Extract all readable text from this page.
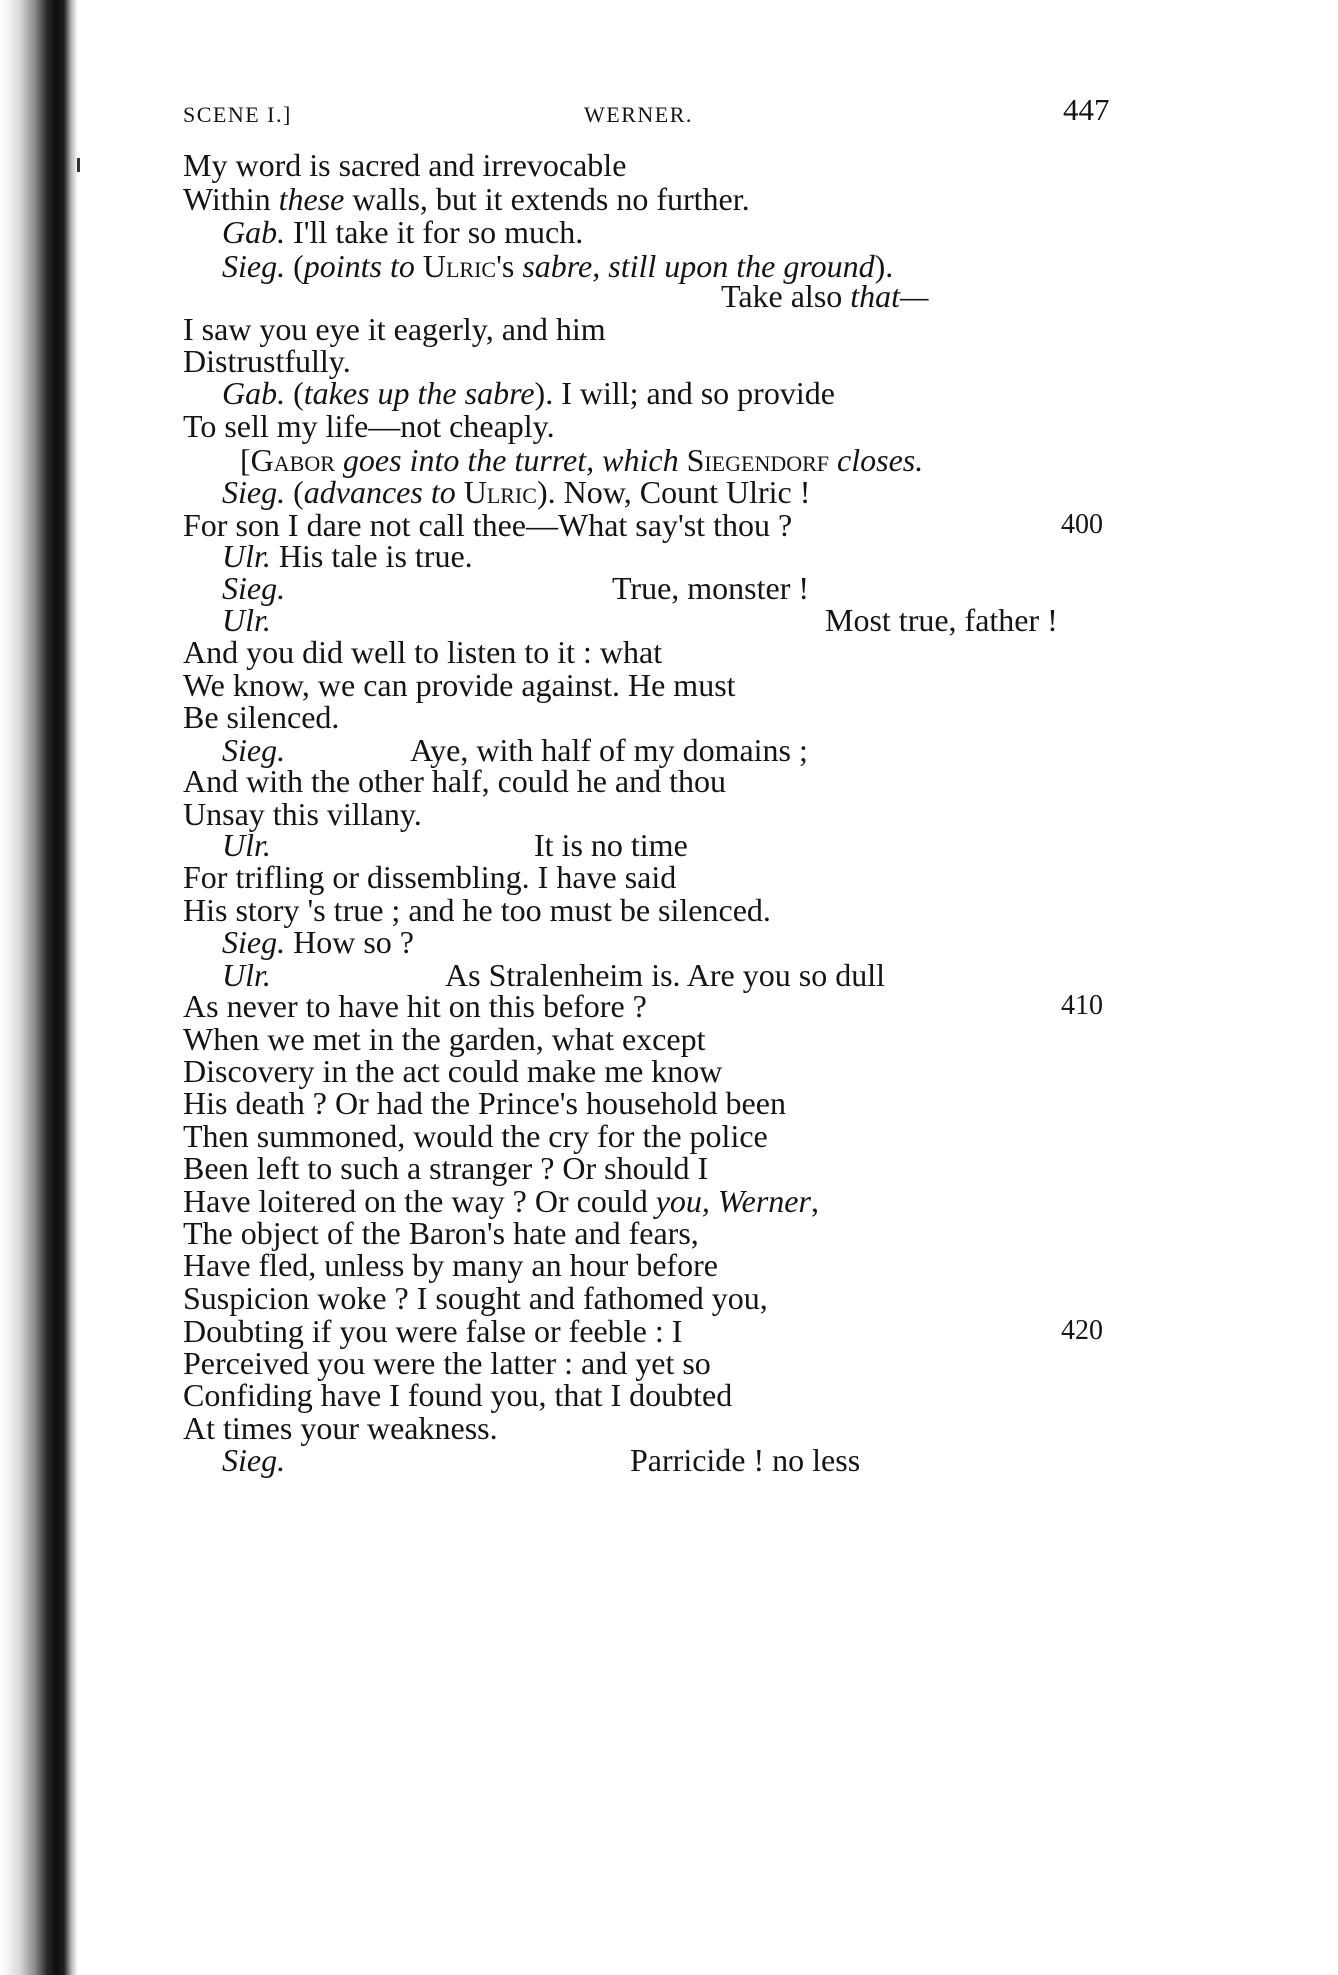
SCENE I.]	WERNER.	447
My word is sacred and irrevocable
Within these walls, but it extends no further.
Gab. I'll take it for so much.
Sieg. (points to Ulric's sabre, still upon the ground).
Take also that—
I saw you eye it eagerly, and him
Distrustfully.
Gab. (takes up the sabre). I will; and so provide
To sell my life—not cheaply.
[Gabor goes into the turret, which Siegendorf closes.
Sieg. (advances to Ulric). Now, Count Ulric !
For son I dare not call thee—What say'st thou ?	400
Ulr. His tale is true.
Sieg.	True, monster !
Ulr.	Most true, father !
And you did well to listen to it : what
We know, we can provide against. He must
Be silenced.
Sieg.	Aye, with half of my domains ;
And with the other half, could he and thou
Unsay this villany.
Ulr.	It is no time
For trifling or dissembling. I have said
His story 's true ; and he too must be silenced.
Sieg. How so ?
Ulr.	As Stralenheim is. Are you so dull
As never to have hit on this before ?	410
When we met in the garden, what except
Discovery in the act could make me know
His death ? Or had the Prince's household been
Then summoned, would the cry for the police
Been left to such a stranger ? Or should I
Have loitered on the way ? Or could you, Werner,
The object of the Baron's hate and fears,
Have fled, unless by many an hour before
Suspicion woke ? I sought and fathomed you,
Doubting if you were false or feeble : I	420
Perceived you were the latter : and yet so
Confiding have I found you, that I doubted
At times your weakness.
Sieg.	Parricide ! no less
